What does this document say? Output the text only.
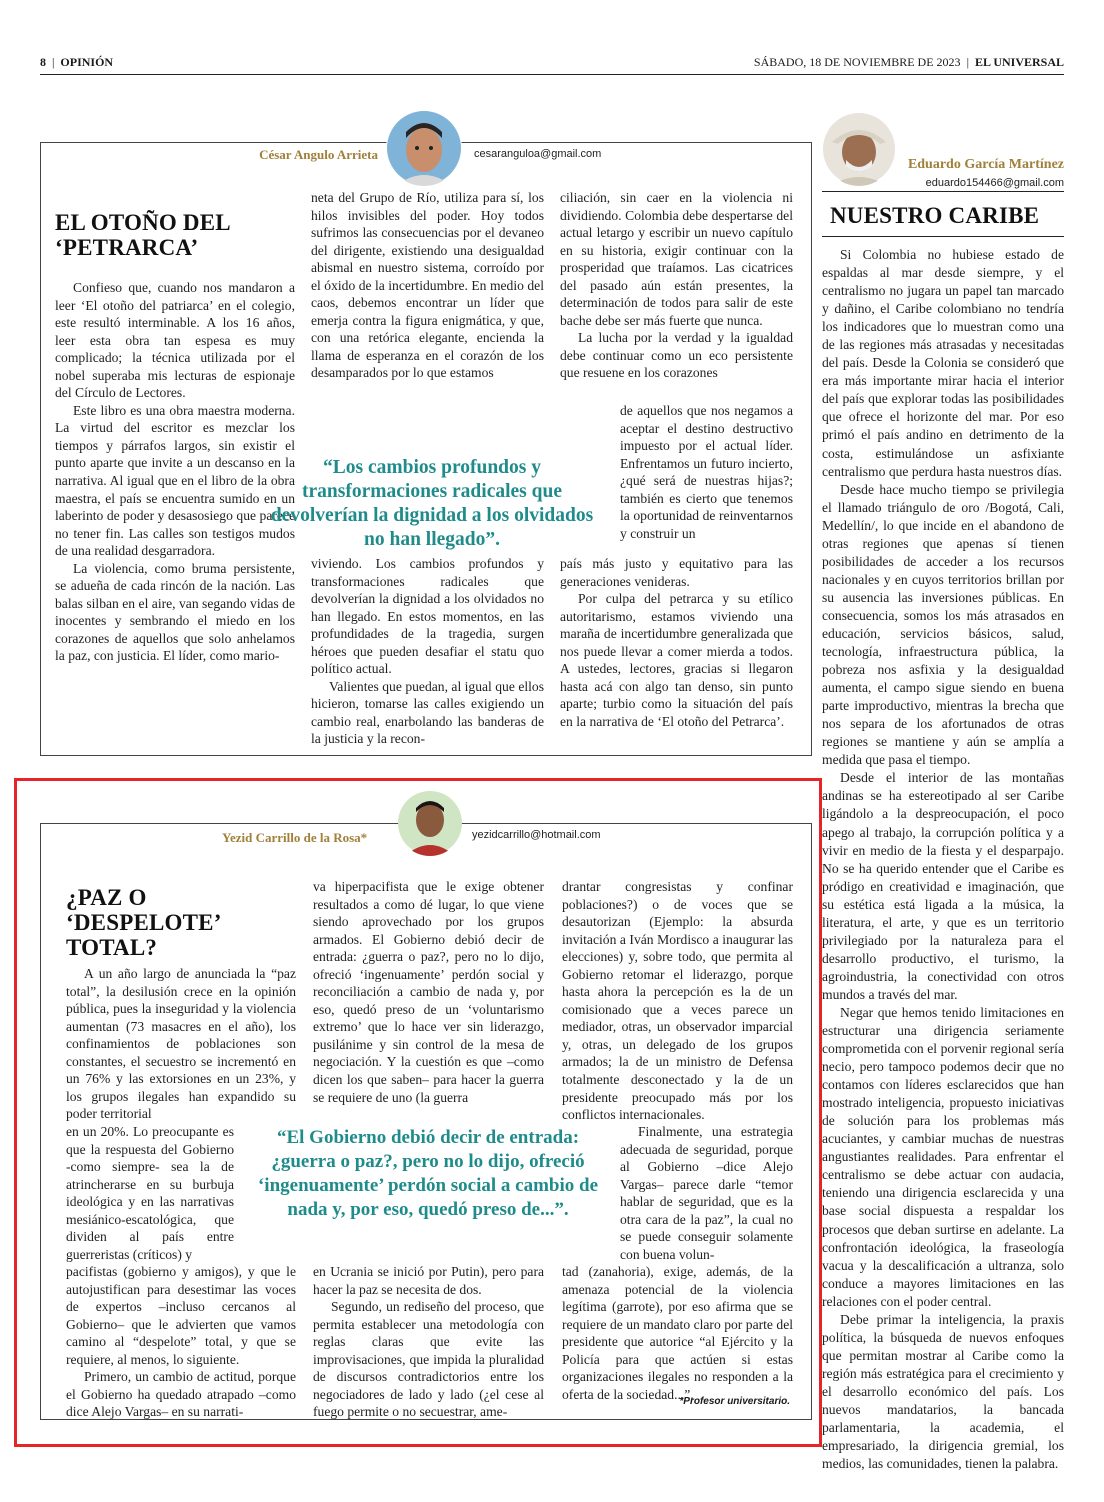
8  |  OPINIÓN	SÁBADO, 18 DE NOVIEMBRE DE 2023  |  EL UNIVERSAL
César Angulo Arrieta	cesaranguloa@gmail.com
EL OTOÑO DEL ‘PETRARCA’

Confieso que, cuando nos mandaron a leer ‘El otoño del patriarca’ en el colegio, este resultó interminable. A los 16 años, leer esta obra tan espesa es muy complicado; la técnica utilizada por el nobel superaba mis lecturas de espionaje del Círculo de Lectores.

Este libro es una obra maestra moderna. La virtud del escritor es mezclar los tiempos y párrafos largos, sin existir el punto aparte que invite a un descanso en la narrativa. Al igual que en el libro de la obra maestra, el país se encuentra sumido en un laberinto de poder y desasosiego que parece no tener fin. Las calles son testigos mudos de una realidad desgarradora.

La violencia, como bruma persistente, se adueña de cada rincón de la nación. Las balas silban en el aire, van segando vidas de inocentes y sembrando el miedo en los corazones de aquellos que solo anhelamos la paz, con justicia. El líder, como mario-

neta del Grupo de Río, utiliza para sí, los hilos invisibles del poder. Hoy todos sufrimos las consecuencias por el devaneo del dirigente, existiendo una desigualdad abismal en nuestro sistema, corroído por el óxido de la incertidumbre. En medio del caos, debemos encontrar un líder que emerja contra la figura enigmática, y que, con una retórica elegante, encienda la llama de esperanza en el corazón de los desamparados por lo que estamos

ciliación, sin caer en la violencia ni dividiendo. Colombia debe despertarse del actual letargo y escribir un nuevo capítulo en su historia, exigir continuar con la prosperidad que traíamos. Las cicatrices del pasado aún están presentes, la determinación de todos para salir de este bache debe ser más fuerte que nunca.

La lucha por la verdad y la igualdad debe continuar como un eco persistente que resuene en los corazones

“Los cambios profundos y transformaciones radicales que devolverían la dignidad a los olvidados no han llegado”.

de aquellos que nos negamos a aceptar el destino destructivo impuesto por el actual líder. Enfrentamos un futuro incierto, ¿qué será de nuestras hijas?; también es cierto que tenemos la oportunidad de reinventarnos y construir un

viviendo. Los cambios profundos y transformaciones radicales que devolverían la dignidad a los olvidados no han llegado. En estos momentos, en las profundidades de la tragedia, surgen héroes que pueden desafiar el statu quo político actual.

Valientes que puedan, al igual que ellos hicieron, tomarse las calles exigiendo un cambio real, enarbolando las banderas de la justicia y la recon-

país más justo y equitativo para las generaciones venideras.

Por culpa del petrarca y su etílico autoritarismo, estamos viviendo una maraña de incertidumbre generalizada que nos puede llevar a comer mierda a todos. A ustedes, lectores, gracias si llegaron hasta acá con algo tan denso, sin punto aparte; turbio como la situación del país en la narrativa de ‘El otoño del Petrarca’.

Yezid Carrillo de la Rosa*	yezidcarrillo@hotmail.com
¿PAZ O ‘DESPELOTE’ TOTAL?

A un año largo de anunciada la “paz total”, la desilusión crece en la opinión pública, pues la inseguridad y la violencia aumentan (73 masacres en el año), los confinamientos de poblaciones son constantes, el secuestro se incrementó en un 76% y las extorsiones en un 23%, y los grupos ilegales han expandido su poder territorial

en un 20%. Lo preocupante es que la respuesta del Gobierno -como siempre- sea la de atrincherarse en su burbuja ideológica y en las narrativas mesiánico-escatológica, que dividen al país entre guerreristas (críticos) y

pacifistas (gobierno y amigos), y que le autojustifican para desestimar las voces de expertos –incluso cercanos al Gobierno– que le advierten que vamos camino al “despelote” total, y que se requiere, al menos, lo siguiente.

Primero, un cambio de actitud, porque el Gobierno ha quedado atrapado –como dice Alejo Vargas– en su narrati-

va hiperpacifista que le exige obtener resultados a como dé lugar, lo que viene siendo aprovechado por los grupos armados. El Gobierno debió decir de entrada: ¿guerra o paz?, pero no lo dijo, ofreció ‘ingenuamente’ perdón social y reconciliación a cambio de nada y, por eso, quedó preso de un ‘voluntarismo extremo’ que lo hace ver sin liderazgo, pusilánime y sin control de la mesa de negociación. Y la cuestión es que –como dicen los que saben– para hacer la guerra se requiere de uno (la guerra

“El Gobierno debió decir de entrada: ¿guerra o paz?, pero no lo dijo, ofreció ‘ingenuamente’ perdón social a cambio de nada y, por eso, quedó preso de...”.

en Ucrania se inició por Putin), pero para hacer la paz se necesita de dos.

Segundo, un rediseño del proceso, que permita establecer una metodología con reglas claras que evite las improvisaciones, que impida la pluralidad de discursos contradictorios entre los negociadores de lado y lado (¿el cese al fuego permite o no secuestrar, ame-

drantar congresistas y confinar poblaciones?) o de voces que se desautorizan (Ejemplo: la absurda invitación a Iván Mordisco a inaugurar las elecciones) y, sobre todo, que permita al Gobierno retomar el liderazgo, porque hasta ahora la percepción es la de un comisionado que a veces parece un mediador, otras, un observador imparcial y, otras, un delegado de los grupos armados; la de un ministro de Defensa totalmente desconectado y la de un presidente preocupado más por los conflictos internacionales.

Finalmente, una estrategia adecuada de seguridad, porque al Gobierno –dice Alejo Vargas– parece darle “temor hablar de seguridad, que es la otra cara de la paz”, la cual no se puede conseguir solamente con buena volun-

tad (zanahoria), exige, además, de la amenaza potencial de la violencia legítima (garrote), por eso afirma que se requiere de un mandato claro por parte del presidente que autorice “al Ejército y la Policía para que actúen si estas organizaciones ilegales no responden a la oferta de la sociedad...”.

*Profesor universitario.
Eduardo García Martínez
eduardo154466@gmail.com
NUESTRO CARIBE

Si Colombia no hubiese estado de espaldas al mar desde siempre, y el centralismo no jugara un papel tan marcado y dañino, el Caribe colombiano no tendría los indicadores que lo muestran como una de las regiones más atrasadas y necesitadas del país. Desde la Colonia se consideró que era más importante mirar hacia el interior del país que explorar todas las posibilidades que ofrece el horizonte del mar. Por eso primó el país andino en detrimento de la costa, estimulándose un asfixiante centralismo que perdura hasta nuestros días.

Desde hace mucho tiempo se privilegia el llamado triángulo de oro /Bogotá, Cali, Medellín/, lo que incide en el abandono de otras regiones que apenas sí tienen posibilidades de acceder a los recursos nacionales y en cuyos territorios brillan por su ausencia las inversiones públicas. En consecuencia, somos los más atrasados en educación, servicios básicos, salud, tecnología, infraestructura pública, la pobreza nos asfixia y la desigualdad aumenta, el campo sigue siendo en buena parte improductivo, mientras la brecha que nos separa de los afortunados de otras regiones se mantiene y aún se amplía a medida que pasa el tiempo.

Desde el interior de las montañas andinas se ha estereotipado al ser Caribe ligándolo a la despreocupación, el poco apego al trabajo, la corrupción política y a vivir en medio de la fiesta y el desparpajo. No se ha querido entender que el Caribe es pródigo en creatividad e imaginación, que su estética está ligada a la música, la literatura, el arte, y que es un territorio privilegiado por la naturaleza para el desarrollo productivo, el turismo, la agroindustria, la conectividad con otros mundos a través del mar.

Negar que hemos tenido limitaciones en estructurar una dirigencia seriamente comprometida con el porvenir regional sería necio, pero tampoco podemos decir que no contamos con líderes esclarecidos que han mostrado inteligencia, propuesto iniciativas de solución para los problemas más acuciantes, y cambiar muchas de nuestras angustiantes realidades. Para enfrentar el centralismo se debe actuar con audacia, teniendo una dirigencia esclarecida y una base social dispuesta a respaldar los procesos que deban surtirse en adelante. La confrontación ideológica, la fraseología vacua y la descalificación a ultranza, solo conduce a mayores limitaciones en las relaciones con el poder central.

Debe primar la inteligencia, la praxis política, la búsqueda de nuevos enfoques que permitan mostrar al Caribe como la región más estratégica para el crecimiento y el desarrollo económico del país. Los nuevos mandatarios, la bancada parlamentaria, la academia, el empresariado, la dirigencia gremial, los medios, las comunidades, tienen la palabra.
